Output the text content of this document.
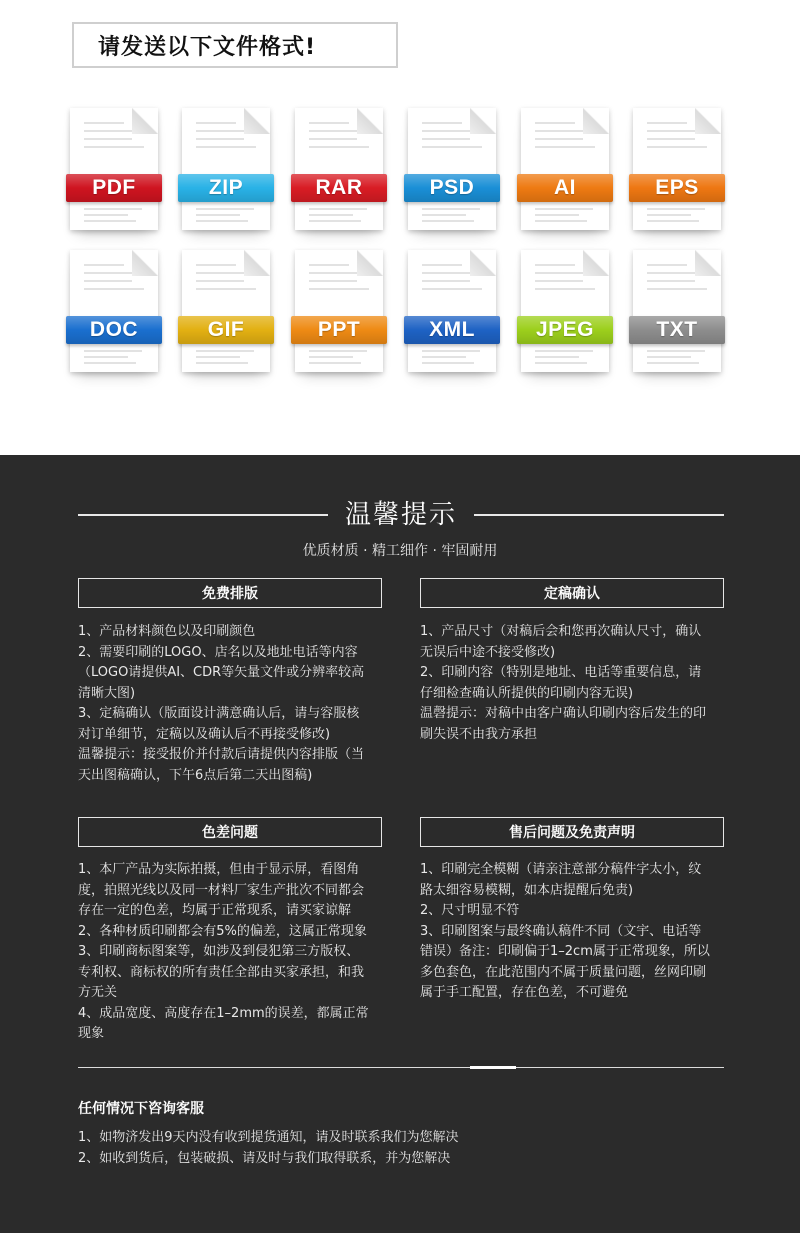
请发送以下文件格式!
PDF	ZIP	RAR	PSD	AI	EPS
DOC	GIF	PPT	XML	JPEG	TXT
温馨提示
优质材质 · 精工细作 · 牢固耐用
免费排版
1、产品材料颜色以及印刷颜色
2、需要印刷的LOGO、店名以及地址电话等内容
（LOGO请提供AI、CDR等矢量文件或分辨率较高
清晰大图)
3、定稿确认（版面设计满意确认后，请与容服核
对订单细节，定稿以及确认后不再接受修改)
温馨提示：接受报价并付款后请提供内容排版（当
天出图稿确认，下午6点后第二天出图稿)
定稿确认
1、产品尺寸（对稿后会和您再次确认尺寸，确认
无误后中途不接受修改)
2、印刷内容（特别是地址、电话等重要信息，请
仔细检查确认所提供的印刷内容无误)
温磬提示：对稿中由客户确认印刷内容后发生的印
刷失误不由我方承担
色差问题
1、本厂产品为实际拍摄，但由于显示屏，看图角
度，拍照光线以及同一材料厂家生产批次不同都会
存在一定的色差，均属于正常现系，请买家谅解
2、各种材质印刷都会有5%的偏差，这属正常现象
3、印刷商标图案等，如涉及到侵犯第三方版权、
专利权、商标权的所有责任全部由买家承担，和我
方无关
4、成品宽度、高度存在1–2mm的误差，都属正常
现象
售后问题及免责声明
1、印刷完全模糊（请亲注意部分稿件字太小，纹
路太细容易模糊，如本店提醒后免责)
2、尺寸明显不符
3、印刷图案与最终确认稿件不同（文宇、电话等
错误）备注：印刷偏于1–2cm属于正常现象，所以
多色套色，在此范围内不属于质量问题，丝网印刷
属于手工配置，存在色差，不可避免
任何情况下咨询客服
1、如物济发出9天内没有收到提货通知，请及时联系我们为您解决
2、如收到货后，包装破损、请及时与我们取得联系，并为您解决
